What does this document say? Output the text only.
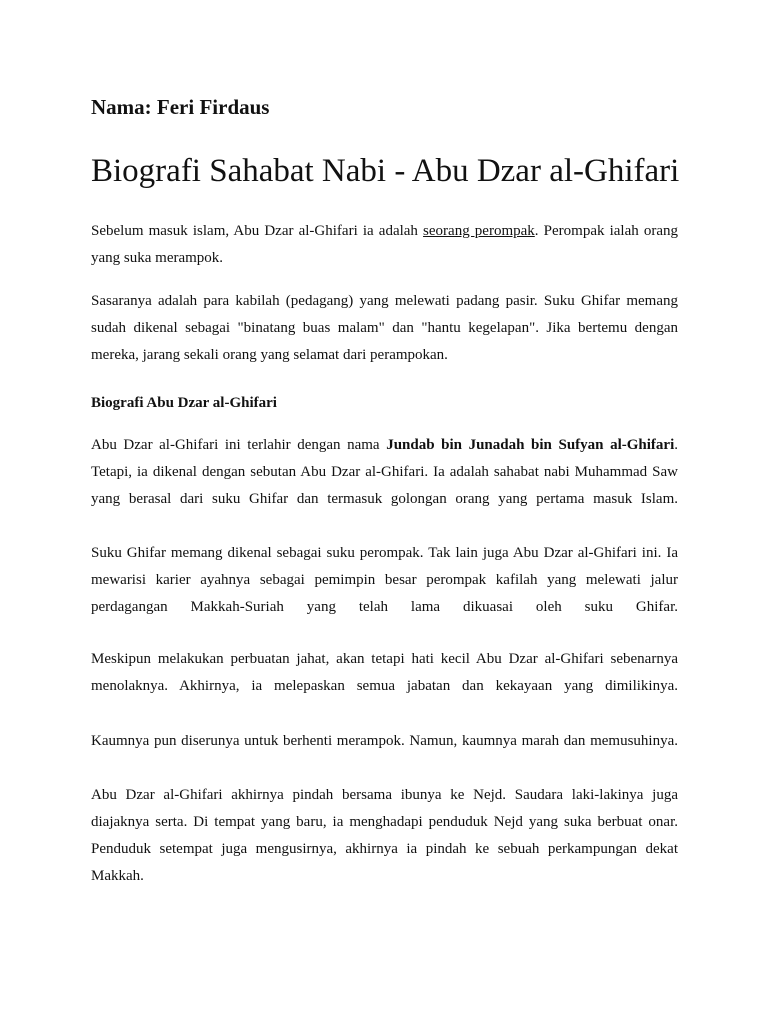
Nama: Feri Firdaus
Biografi Sahabat Nabi - Abu Dzar al-Ghifari
Sebelum masuk islam, Abu Dzar al-Ghifari ia adalah seorang perompak. Perompak ialah orang
yang suka merampok.
Sasaranya adalah para kabilah (pedagang) yang melewati padang pasir. Suku Ghifar memang
sudah dikenal sebagai "binatang buas malam" dan "hantu kegelapan". Jika bertemu dengan
mereka, jarang sekali orang yang selamat dari perampokan.
Biografi Abu Dzar al-Ghifari
Abu Dzar al-Ghifari ini terlahir dengan nama Jundab bin Junadah bin Sufyan al-Ghifari.
Tetapi, ia dikenal dengan sebutan Abu Dzar al-Ghifari. Ia adalah sahabat nabi Muhammad Saw
yang berasal dari suku Ghifar dan termasuk golongan orang yang pertama masuk Islam.
Suku Ghifar memang dikenal sebagai suku perompak. Tak lain juga Abu Dzar al-Ghifari ini. Ia
mewarisi karier ayahnya sebagai pemimpin besar perompak kafilah yang melewati jalur
perdagangan Makkah-Suriah yang telah lama dikuasai oleh suku Ghifar.
Meskipun melakukan perbuatan jahat, akan tetapi hati kecil Abu Dzar al-Ghifari sebenarnya
menolaknya. Akhirnya, ia melepaskan semua jabatan dan kekayaan yang dimilikinya.
Kaumnya pun diserunya untuk berhenti merampok. Namun, kaumnya marah dan memusuhinya.
Abu Dzar al-Ghifari akhirnya pindah bersama ibunya ke Nejd. Saudara laki-lakinya juga
diajaknya serta. Di tempat yang baru, ia menghadapi penduduk Nejd yang suka berbuat onar.
Penduduk setempat juga mengusirnya, akhirnya ia pindah ke sebuah perkampungan dekat
Makkah.
